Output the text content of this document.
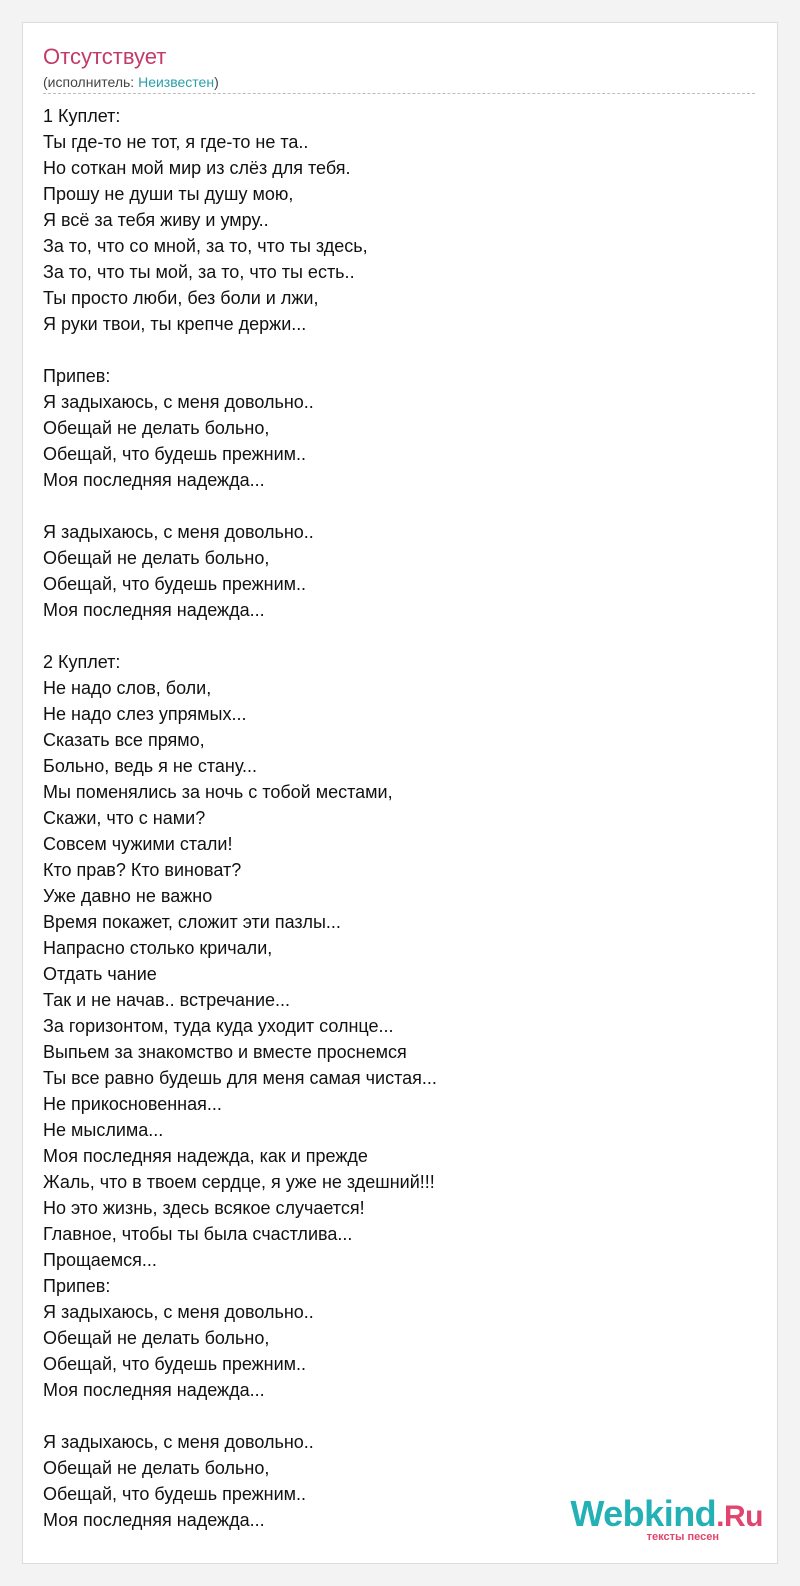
Отсутствует
(исполнитель: Неизвестен)
1 Куплет:
Ты где-то не тот, я где-то не та..
Но соткан мой мир из слёз для тебя.
Прошу не души ты душу мою,
Я всё за тебя живу и умру..
За то, что со мной, за то, что ты здесь,
За то, что ты мой, за то, что ты есть..
Ты просто люби, без боли и лжи,
Я руки твои, ты крепче держи...
Припев:
Я задыхаюсь, с меня довольно..
Обещай не делать больно,
Обещай, что будешь прежним..
Моя последняя надежда...
Я задыхаюсь, с меня довольно..
Обещай не делать больно,
Обещай, что будешь прежним..
Моя последняя надежда...
2 Куплет:
Не надо слов, боли,
Не надо слез упрямых...
Сказать все прямо,
Больно, ведь я не стану...
Мы поменялись за ночь с тобой местами,
Скажи, что с нами?
Совсем чужими стали!
Кто прав? Кто виноват?
Уже давно не важно
Время покажет, сложит эти пазлы...
Напрасно столько кричали,
Отдать чание
Так и не начав.. встречание...
За горизонтом, туда куда уходит солнце...
Выпьем за знакомство и вместе проснемся
Ты все равно будешь для меня самая чистая...
Не прикосновенная...
Не мыслима...
Моя последняя надежда, как и прежде
Жаль, что в твоем сердце, я уже не здешний!!!
Но это жизнь, здесь всякое случается!
Главное, чтобы ты была счастлива...
Прощаемся...
Припев:
Я задыхаюсь, с меня довольно..
Обещай не делать больно,
Обещай, что будешь прежним..
Моя последняя надежда...
Я задыхаюсь, с меня довольно..
Обещай не делать больно,
Обещай, что будешь прежним..
Моя последняя надежда...	Webkind.Ru
тексты песен
